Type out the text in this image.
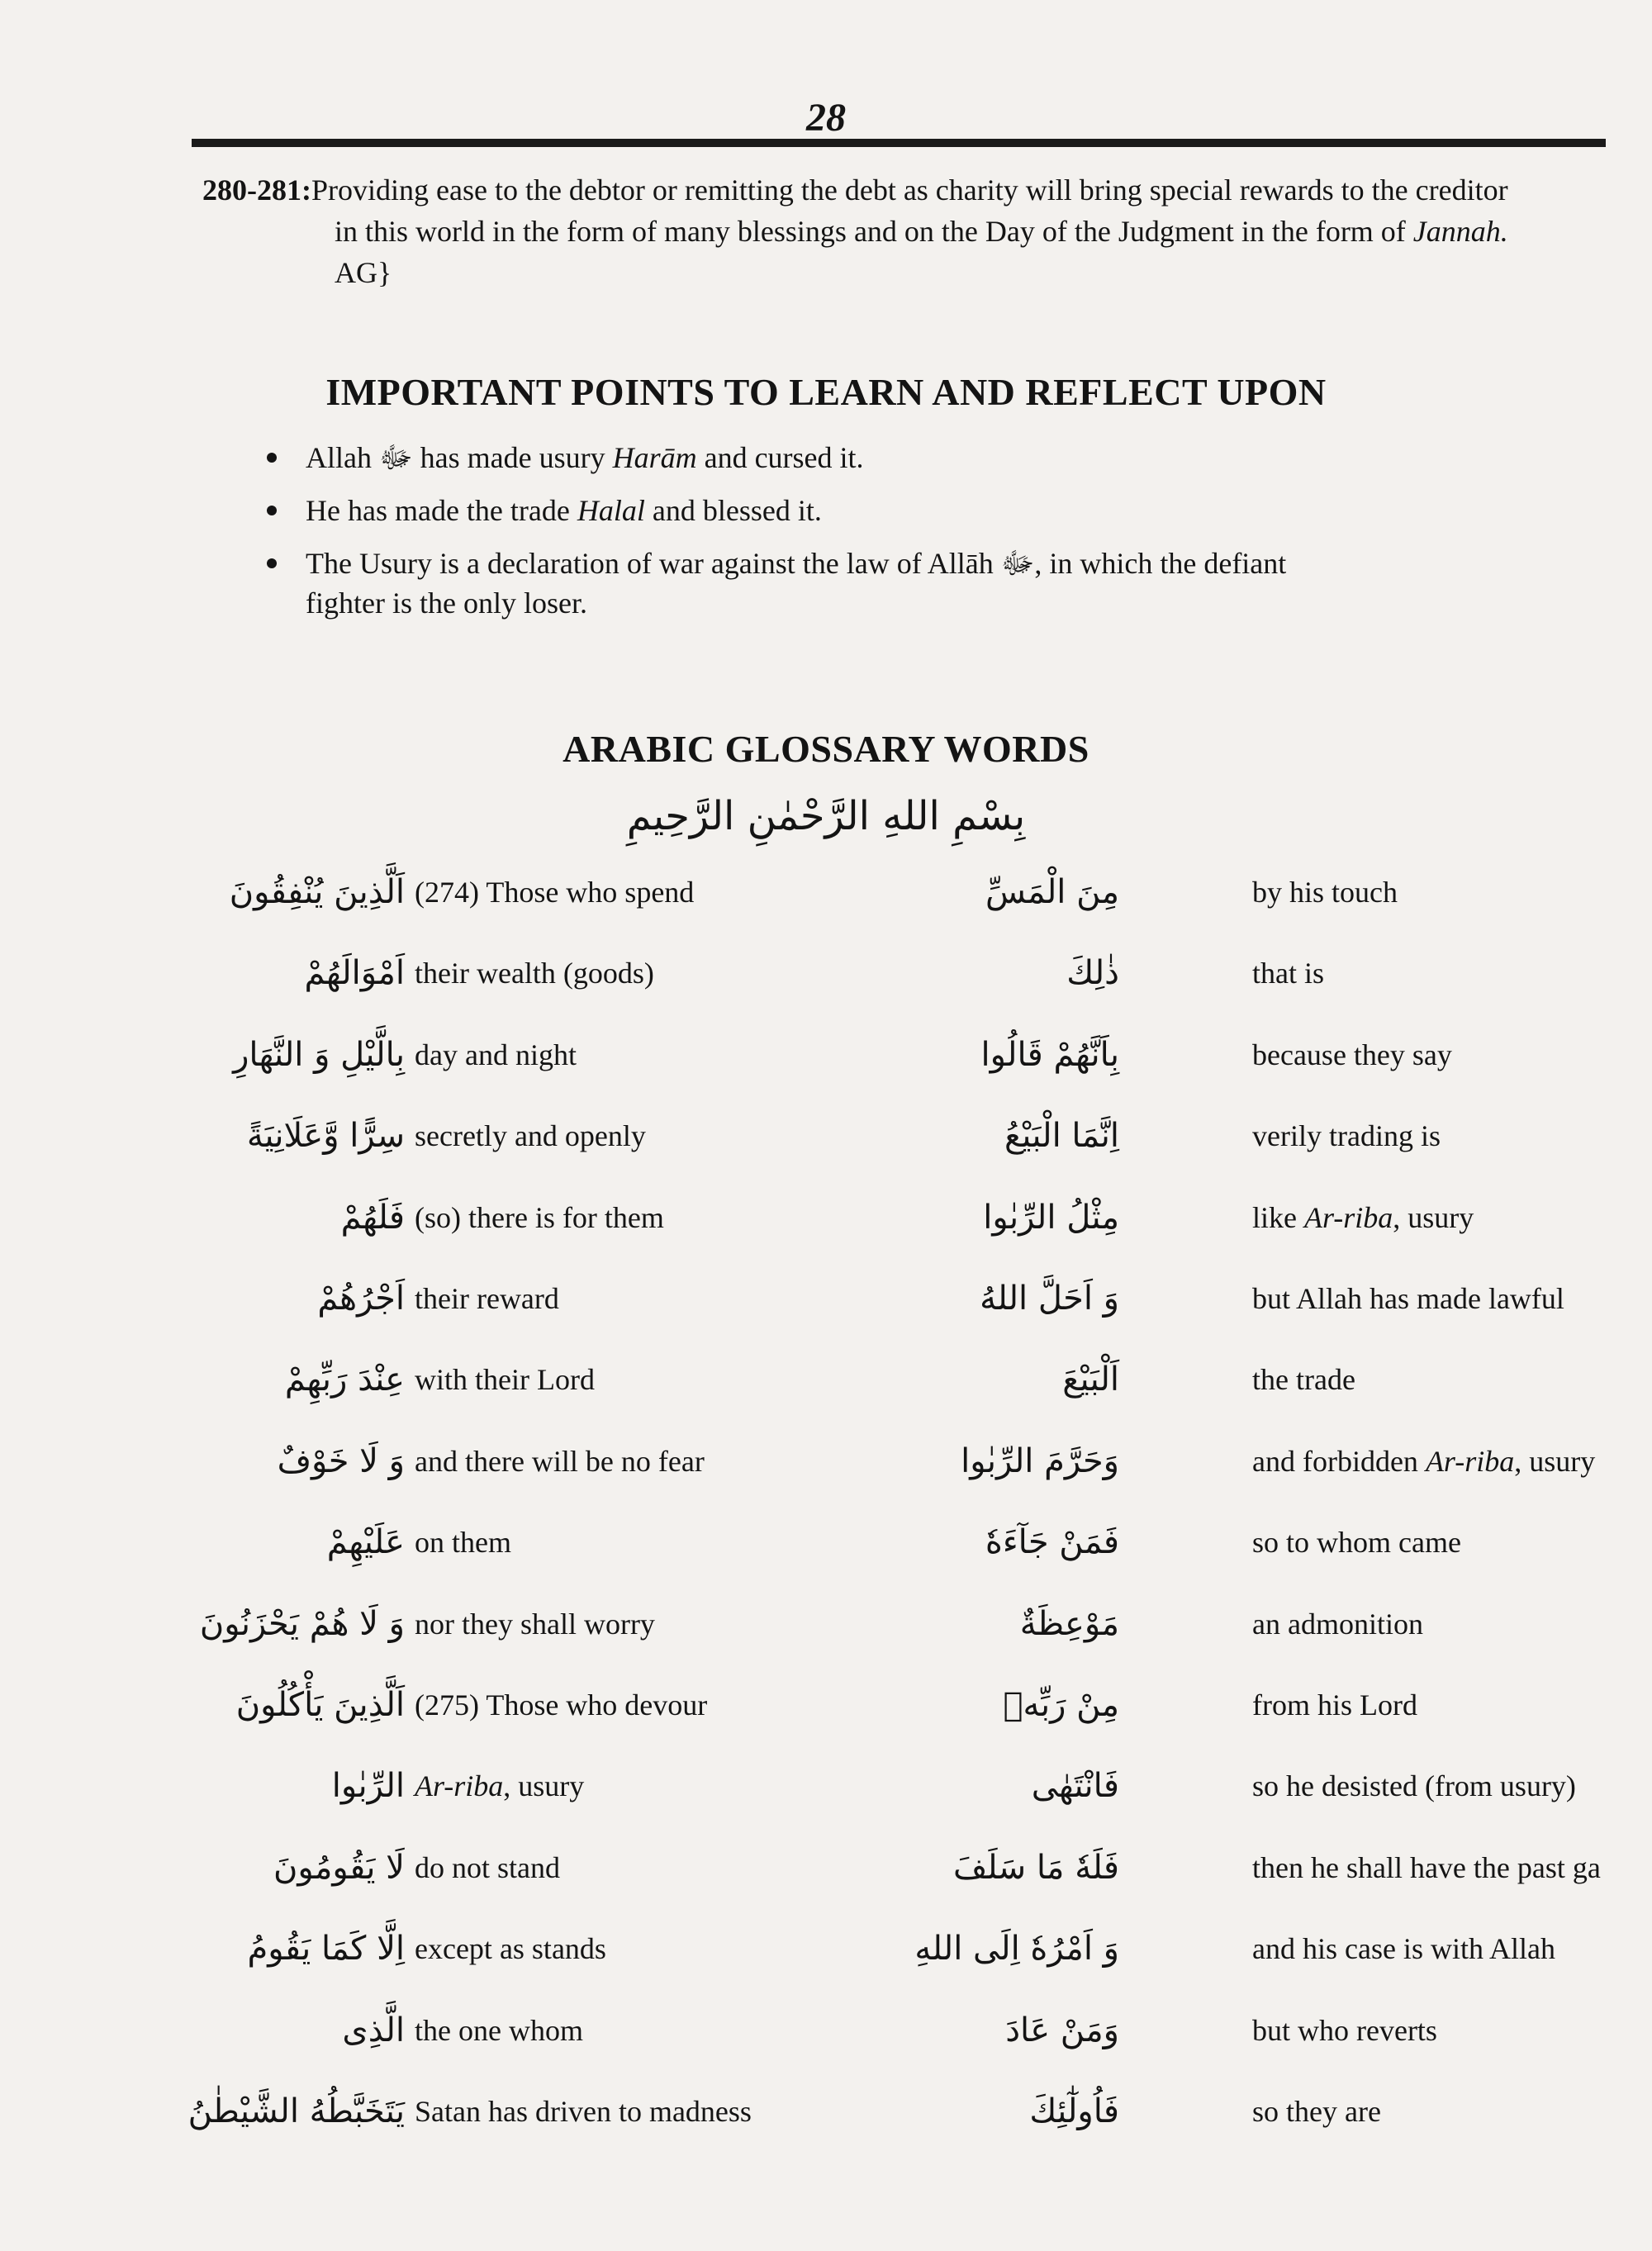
28
280-281:Providing ease to the debtor or remitting the debt as charity will bring special rewards to the creditor
in this world in the form of many blessings and on the Day of the Judgment in the form of Jannah.
AG}
IMPORTANT POINTS TO LEARN AND REFLECT UPON
Allah ﷻ has made usury Harām and cursed it.
He has made the trade Halal and blessed it.
The Usury is a declaration of war against the law of Allāh ﷻ, in which the defiant
fighter is the only loser.
ARABIC GLOSSARY WORDS
بِسْمِ اللهِ الرَّحْمٰنِ الرَّحِيمِ
اَلَّذِينَ يُنْفِقُونَ (274) Those who spend	مِنَ الْمَسِّ	by his touch
اَمْوَالَهُمْ their wealth (goods)	ذٰلِكَ	that is
بِالَّيْلِ وَ النَّهَارِ day and night	بِاَنَّهُمْ قَالُوا	because they say
سِرًّا وَّعَلَانِيَةً secretly and openly	اِنَّمَا الْبَيْعُ	verily trading is
فَلَهُمْ (so) there is for them	مِثْلُ الرِّبٰوا	like Ar-riba, usury
اَجْرُهُمْ their reward	وَ اَحَلَّ اللهُ	but Allah has made lawful
عِنْدَ رَبِّهِمْ with their Lord	اَلْبَيْعَ	the trade
وَ لَا خَوْفٌ and there will be no fear	وَحَرَّمَ الرِّبٰوا	and forbidden Ar-riba, usury
عَلَيْهِمْ on them	فَمَنْ جَآءَهٗ	so to whom came
وَ لَا هُمْ يَحْزَنُونَ nor they shall worry	مَوْعِظَةٌ	an admonition
اَلَّذِينَ يَأْكُلُونَ (275) Those who devour	مِنْ رَبِّهٖ	from his Lord
الرِّبٰوا Ar-riba, usury	فَانْتَهٰى	so he desisted (from usury)
لَا يَقُومُونَ do not stand	فَلَهٗ مَا سَلَفَ	then he shall have the past ga
اِلَّا كَمَا يَقُومُ except as stands	وَ اَمْرُهٗ اِلَى اللهِ	and his case is with Allah
الَّذِى the one whom	وَمَنْ عَادَ	but who reverts
يَتَخَبَّطُهُ الشَّيْطٰنُ Satan has driven to madness	فَاُولٰٓئِكَ	so they are
